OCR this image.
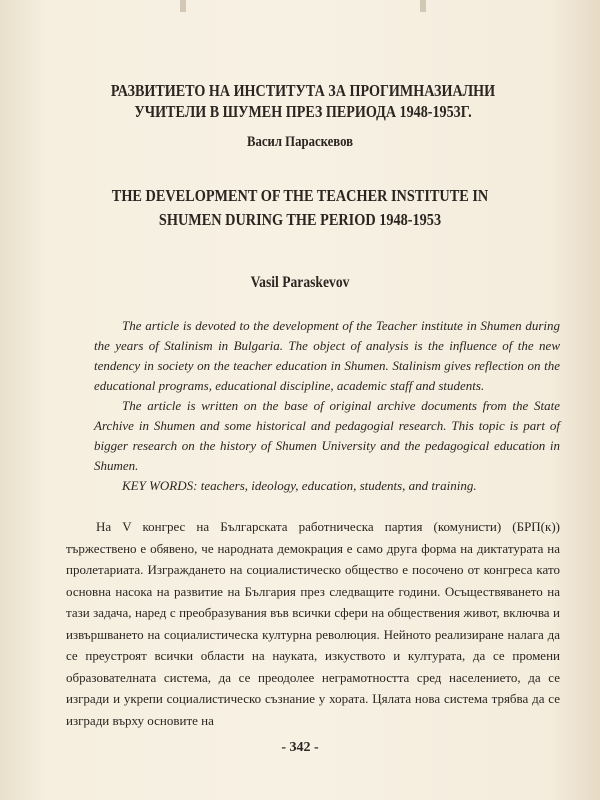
РАЗВИТИЕТО НА ИНСТИТУТА ЗА ПРОГИМНАЗИАЛНИ УЧИТЕЛИ В ШУМЕН ПРЕЗ ПЕРИОДА 1948-1953Г.
Васил Параскевов
THE DEVELOPMENT OF THE TEACHER INSTITUTE IN SHUMEN DURING THE PERIOD 1948-1953
Vasil Paraskevov

The article is devoted to the development of the Teacher institute in Shumen during the years of Stalinism in Bulgaria. The object of analysis is the influence of the new tendency in society on the teacher education in Shumen. Stalinism gives reflection on the educational programs, educational discipline, academic staff and students.

The article is written on the base of original archive documents from the State Archive in Shumen and some historical and pedagogial research. This topic is part of bigger research on the history of Shumen University and the pedagogical education in Shumen.

KEY WORDS: teachers, ideology, education, students, and training.

На V конгрес на Българската работническа партия (комунисти) (БРП(к)) тържествено е обявено, че народната демокрация е само друга форма на диктатурата на пролетариата. Изграждането на социалистическо общество е посочено от конгреса като основна насока на развитие на България през следващите години. Осъществяването на тази задача, наред с преобразувания във всички сфери на обществения живот, включва и извършването на социалистическа културна революция. Нейното реализиране налага да се преустроят всички области на науката, изкуството и културата, да се промени образователната система, да се преодолее неграмотността сред населението, да се изгради и укрепи социалистическо съзнание у хората. Цялата нова система трябва да се изгради върху основите на

- 342 -
